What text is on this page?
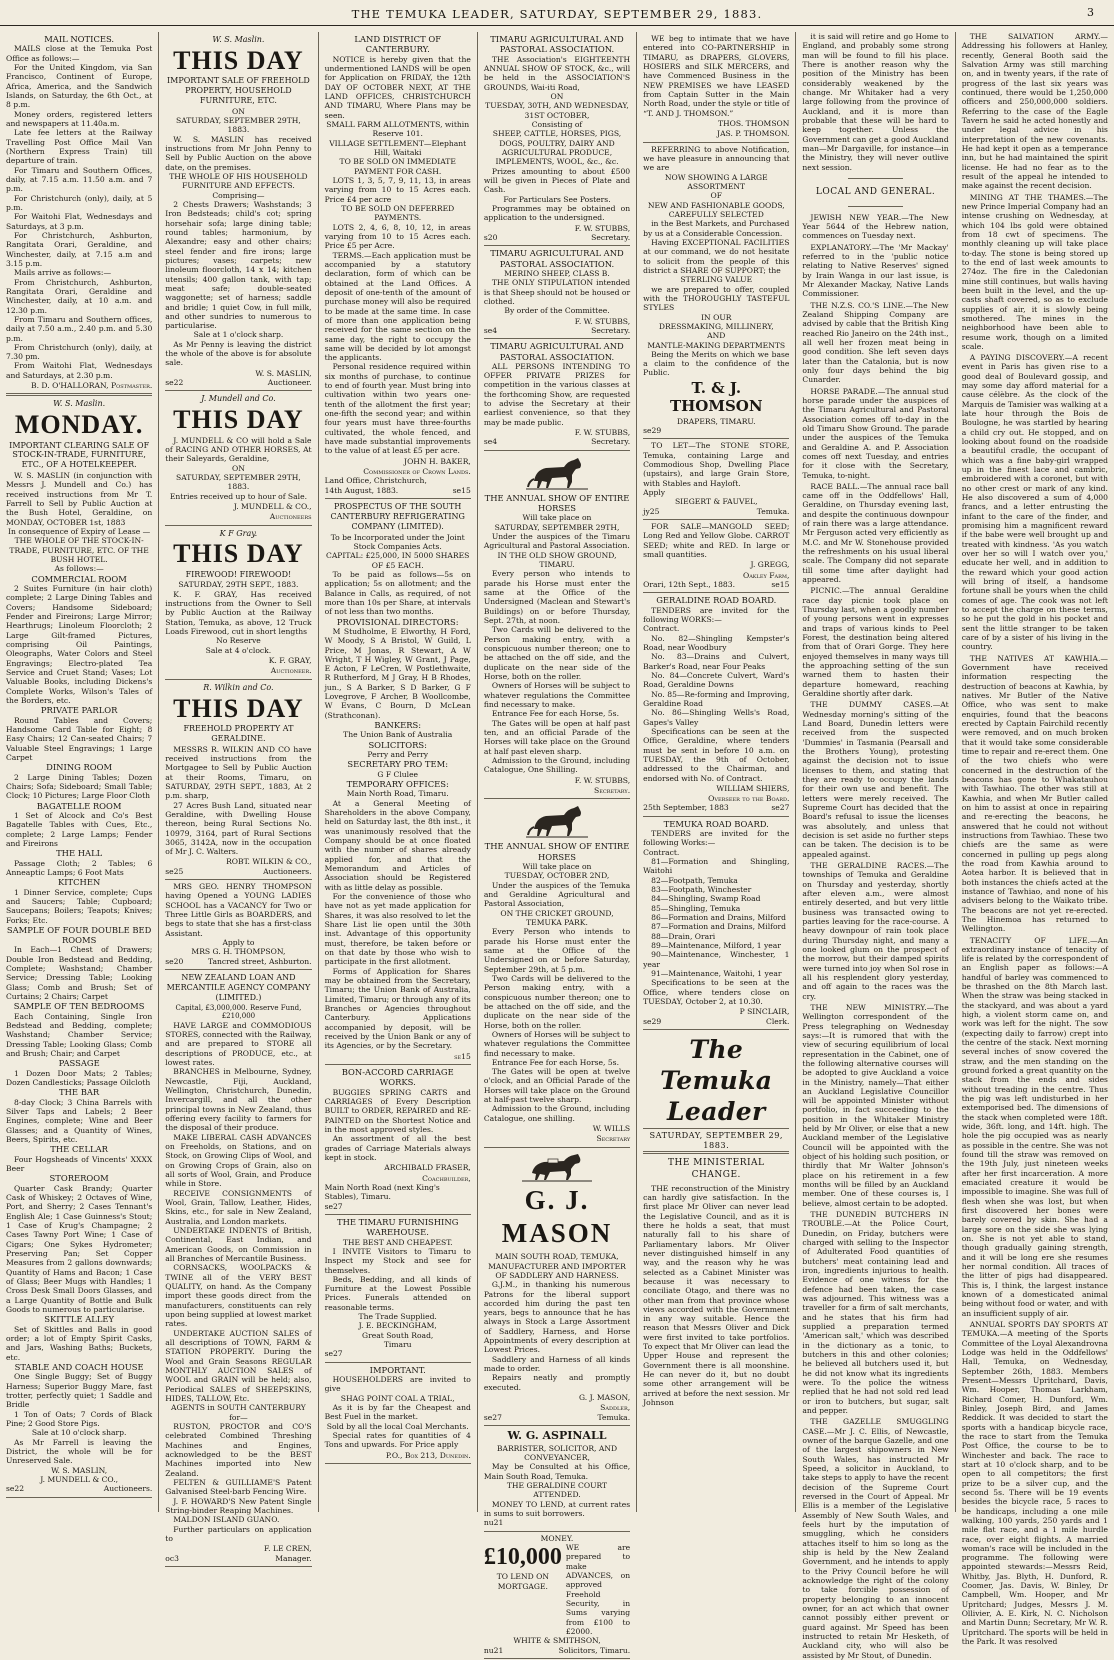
THE TEMUKA LEADER, SATURDAY, SEPTEMBER 29, 1883.	3
MAIL NOTICES.
MAILS close at the Temuka Post Office as follows:—
For the United Kingdom, via San Francisco, Continent of Europe, Africa, America, and the Sandwich Islands, on Saturday, the 6th Oct., at 8 p.m.
Money orders, registered letters and newspapers at 11.40a.m.
Late fee letters at the Railway Travelling Post Office Mail Van (Northern Express Train) till departure of train.
For Timaru and Southern Offices, daily, at 7.15 a.m. 11.50 a.m. and 7 p.m.
For Christchurch (only), daily, at 5 p.m.
For Waitohi Flat, Wednesdays and Saturdays, at 3 p.m.
For Christchurch, Ashburton, Rangitata Orari, Geraldine, and Winchester, daily, at 7.15 a.m and 3.15 p.m.
Mails arrive as follows:—
From Christchurch, Ashburton, Rangitata Orari, Geraldine and Winchester, daily, at 10 a.m. and 12.30 p.m.
From Timaru and Southern offices, daily at 7.50 a.m., 2.40 p.m. and 5.30 p.m.
From Christchurch (only), daily, at 7.30 pm.
From Waitohi Flat, Wednesdays and Saturdays, at 2.30 p.m.
B. D. O'HALLORAN, Postmaster.
W. S. Maslin.
MONDAY.
IMPORTANT CLEARING SALE OF STOCK-IN-TRADE, FURNITURE, ETC., OF A HOTELKEEPER.
W. S. MASLIN (in conjunction with Messrs J. Mundell and Co.) has received instructions from Mr T. Farrell to Sell by Public Auction at the Bush Hotel, Geraldine, on MONDAY, OCTOBER 1st, 1883
In consequence of Expiry of Lease —
THE WHOLE OF THE STOCK-IN-TRADE, FURNITURE, ETC. OF THE BUSH HOTEL.
As follows:—
COMMERCIAL ROOM
2 Suites Furniture (in hair cloth) complete; 2 Large Dining Tables and Covers; Handsome Sideboard; Fender and Fireirons; Large Mirror; Hearthrugs; Linoleum Floorcloth; 2 Large Gilt-framed Pictures, comprising Oil Paintings, Oleographs, Water Colors and Steel Engravings; Electro-plated Tea Service and Cruet Stand; Vases; Lot Valuable Books, including Dickens's Complete Works, Wilson's Tales of the Borders, etc.
PRIVATE PARLOR
Round Tables and Covers; Handsome Card Table for Eight; 8 Easy Chairs; 12 Can-seated Chairs; 7 Valuable Steel Engravings; 1 Large Carpet
DINING ROOM
2 Large Dining Tables; Dozen Chairs; Sofa; Sideboard; Small Table; Clock; 10 Pictures; Large Floor Cloth
BAGATELLE ROOM
1 Set of Alcock and Co's Best Bagatelle Tables with Cues, Etc., complete; 2 Large Lamps; Fender and Fireirons
THE HALL
Passage Cloth; 2 Tables; 6 Anneaptic Lamps; 6 Foot Mats
KITCHEN
1 Dinner Service, complete; Cups and Saucers; Table; Cupboard; Saucepans; Boilers; Teapots; Knives; Forks; Etc.
SAMPLE OF FOUR DOUBLE BED ROOMS
In Each—1 Chest of Drawers; Double Iron Bedstead and Bedding, Complete; Washstand; Chamber Service; Dressing Table; Looking Glass; Comb and Brush; Set of Curtains; 2 Chairs; Carpet
SAMPLE OF TEN BEDROOMS
Each Containing, Single Iron Bedstead and Bedding, complete; Washstand; Chamber Service; Dressing Table; Looking Glass; Comb and Brush; Chair; and Carpet
PASSAGE
1 Dozen Door Mats; 2 Tables; Dozen Candlesticks; Passage Oilcloth
THE BAR
8-day Clock; 3 China Barrels with Silver Taps and Labels; 2 Beer Engines, complete; Wine and Beer Glasses; and a Quantity of Wines, Beers, Spirits, etc.
THE CELLAR
Four Hogsheads of Vincents' XXXX Beer
STOREROOM
Quarter Cask Brandy; Quarter Cask of Whiskey; 2 Octaves of Wine, Port, and Sherry; 2 Cases Tennant's English Ale; 1 Case Guinness's Stout; 1 Case of Krug's Champagne; 2 Cases Tawny Port Wine; 1 Case of Cigars; One Sykes Hydrometer; Preserving Pan; Set Copper Measures from 2 gallons downwards; Quantity of Hams and Bacon; 1 Case of Glass; Beer Mugs with Handles; 1 Cross Desk Small Doors Glasses, and a Large Quantity of Bottle and Bulk Goods to numerous to particularise.
SKITTLE ALLEY
Set of Skittles and Balls in good order; a lot of Empty Spirit Casks, and Jars, Washing Baths; Buckets, etc.
STABLE AND COACH HOUSE
One Single Buggy; Set of Buggy Harness; Superior Buggy Mare, fast trotter, perfectly quiet; 1 Saddle and Bridle
1 Ton of Oats; 7 Cords of Black Pine; 2 Good Store Pigs.
Sale at 10 o'clock sharp.
As Mr Farrell is leaving the District, the whole will be for Unreserved Sale.
W. S. MASLIN,
J. MUNDELL & CO.,
se22	Auctioneers.
W. S. Maslin.
THIS DAY
IMPORTANT SALE OF FREEHOLD PROPERTY, HOUSEHOLD FURNITURE, ETC.
ON
SATURDAY, SEPTEMBER 29TH, 1883.
W. S. MASLIN has received instructions from Mr John Penny to Sell by Public Auction on the above date, on the premises.
THE WHOLE OF HIS HOUSEHOLD FURNITURE AND EFFECTS.
Comprising—
2 Chests Drawers; Washstands; 3 Iron Bedsteads; child's cot; spring horsehair sofa; large dining table; round tables; harmonium, by Alexandre; easy and other chairs; steel fender and fire irons; large pictures; vases; carpets; new linoleum floorcloth, 14 x 14; kitchen utensils; 400 gallon tank, with tap; meat safe; double-seated waggonette; set of harness; saddle and bridle; 1 quiet Cow, in full milk, and other sundries to numerous to particularise.
Sale at 1 o'clock sharp.
As Mr Penny is leaving the district the whole of the above is for absolute sale.
W. S. MASLIN,
se22	Auctioneer.
J. Mundell and Co.
THIS DAY
J. MUNDELL & CO will hold a Sale of RACING AND OTHER HORSES, At their Saleyards, Geraldine,
ON
SATURDAY, SEPTEMBER 29TH, 1883.
Entries received up to hour of Sale.
J. MUNDELL & CO.,
Auctioneers
K F Gray.
THIS DAY
FIREWOOD! FIREWOOD!
SATURDAY, 29TH SEPT., 1883.
K. F. GRAY, Has received instructions from the Owner to Sell by Public Auction at the Railway Station, Temuka, as above, 12 Truck Loads Firewood, cut in short lengths
No Reserve
Sale at 4 o'clock.
K. F. GRAY,
Auctioneer.
R. Wilkin and Co.
THIS DAY
FREEHOLD PROPERTY AT GERALDINE.
MESSRS R. WILKIN AND CO have received instructions from the Mortgagee to Sell by Public Auction at their Rooms, Timaru, on SATURDAY, 29TH SEPT., 1883, At 2 p.m. sharp,
27 Acres Bush Land, situated near Geraldine, with Dwelling House thereon, being Rural Sections No. 10979, 3164, part of Rural Sections 3065, 3142A, now in the occupation of Mr J. C. Walters.
ROBT. WILKIN & CO.,
se25	Auctioneers.
MRS GEO. HENRY THOMPSON having Opened a YOUNG LADIES SCHOOL has a VACANCY for Two or Three Little Girls as BOARDERS, and begs to state that she has a first-class Assistant.
Apply to
MRS G. H. THOMPSON,
se20	Tancred street, Ashburton.
NEW ZEALAND LOAN AND MERCANTILE AGENCY COMPANY (LIMITED.)
Capital, £3,000,000. Reserve Fund, £210,000
HAVE LARGE and COMMODIOUS STORES, connected with the Railway, and are prepared to STORE all descriptions of PRODUCE, etc., at lowest rates.
BRANCHES in Melbourne, Sydney, Newcastle, Fiji, Auckland, Wellington, Christchurch, Dunedin, Invercargill, and all the other principal towns in New Zealand, thus offering every facility to farmers for the disposal of their produce.
MAKE LIBERAL CASH ADVANCES on Freeholds, on Stations, and on Stock, on Growing Clips of Wool, and on Growing Crops of Grain, also on all sorts of Wool, Grain, and Produce while in Store.
RECEIVE CONSIGNMENTS of Wool, Grain, Tallow, Leather, Hides, Skins, etc., for sale in New Zealand, Australia, and London markets.
UNDERTAKE INDENTS of British, Continental, East Indian, and American Goods, on Commission in all Branches of Mercantile Business.
CORNSACKS, WOOLPACKS & TWINE all of the VERY BEST QUALITY, on hand. As the Company import these goods direct from the manufacturers, constituents can rely upon being supplied at lowest market rates.
UNDERTAKE AUCTION SALES of all descriptions of TOWN, FARM & STATION PROPERTY. During the Wool and Grain Seasons REGULAR MONTHLY AUCTION SALES of WOOL and GRAIN will be held; also, Periodical SALES of SHEEPSKINS, HIDES, TALLOW, Etc.
AGENTS in SOUTH CANTERBURY for—
RUSTON, PROCTOR and CO'S celebrated Combined Threshing Machines and Engines, acknowledged to be the BEST Machines imported into New Zealand.
FELTEN & GUILLIAME'S Patent Galvanised Steel-barb Fencing Wire.
J. F. HOWARD'S New Patent Single String-binder Reaping Machines.
MALDON ISLAND GUANO.
Further particulars on application to
F. LE CREN,
oc3	Manager.
LAND DISTRICT OF CANTERBURY.
NOTICE is hereby given that the undermentioned LANDS will be open for Application on FRIDAY, the 12th DAY OF OCTOBER NEXT, AT THE LAND OFFICES, CHRISTCHURCH AND TIMARU, Where Plans may be seen.
SMALL FARM ALLOTMENTS, within Reserve 101.
VILLAGE SETTLEMENT—Elephant Hill, Waitaki
TO BE SOLD ON IMMEDIATE PAYMENT FOR CASH.
LOTS 1, 3, 5, 7, 9, 11, 13, in areas varying from 10 to 15 Acres each. Price £4 per acre
TO BE SOLD ON DEFERRED PAYMENTS.
LOTS 2, 4, 6, 8, 10, 12, in areas varying from 10 to 15 Acres each. Price £5 per Acre.
TERMS.—Each application must be accompanied by a statutory declaration, form of which can be obtained at the Land Offices. A deposit of one-tenth of the amount of purchase money will also be required to be made at the same time. In case of more than one application being received for the same section on the same day, the right to occupy the same will be decided by lot amongst the applicants.
Personal residence required within six months of purchase, to continue to end of fourth year. Must bring into cultivation within two years one-tenth of the allotment the first year; one-fifth the second year; and within four years must have three-fourths cultivated, the whole fenced, and have made substantial improvements to the value of at least £5 per acre.
JOHN H. BAKER,
Commissioner of Crown Lands.
Land Office, Christchurch,
14th August, 1883.	se15
PROSPECTUS OF THE SOUTH CANTERBURY REFRIGERATING COMPANY (LIMITED).
To be Incorporated under the Joint Stock Companies Acts.
CAPITAL: £25,000, IN 5000 SHARES OF £5 EACH.
To be paid as follows—5s on application; 5s on allotment; and the Balance in Calls, as required, of not more than 10s per Share, at intervals of not less than two months.
PROVISIONAL DIRECTORS:
M Studholme, E Elworthy, H Ford, W Moody, S A Bristol, W Guild, L Price, M Jonas, R Stewart, A W Wright, T H Wigley, W Grant, J Page, E Acton, F LeCren, W Postlethwaite, R Rutherford, M J Gray, H B Rhodes, jun., S A Barker, S D Barker, G F Lovegrove, F Archer, B Woollcombe, W Evans, C Bourn, D McLean (Strathconan).
BANKERS:
The Union Bank of Australia
SOLICITORS:
Perry and Perry
SECRETARY PRO TEM:
G F Clulee
TEMPORARY OFFICES:
Main North Road, Timaru.
At a General Meeting of Shareholders in the above Company, held on Saturday last, the 8th inst., it was unanimously resolved that the Company should be at once floated with the number of shares already applied for, and that the Memorandum and Articles of Association should be Registered with as little delay as possible.
For the convenience of those who have not as yet made application for Shares, it was also resolved to let the Share List lie open until the 30th inst. Advantage of this opportunity must, therefore, be taken before or on that date by those who wish to participate in the first allotment.
Forms of Application for Shares may be obtained from the Secretary, Timaru; the Union Bank of Australia, Limited, Timaru; or through any of its Branches or Agencies throughout Canterbury. Applications accompanied by deposit, will be received by the Union Bank or any of its Agencies, or by the Secretary.
se15
BON-ACCORD CARRIAGE WORKS.
BUGGIES SPRING CARTS and CARRIAGES of Every Description BUILT to ORDER, REPAIRED and RE-PAINTED on the Shortest Notice and in the most approved styles.
An assortment of all the best grades of Carriage Materials always kept in stock.
ARCHIBALD FRASER,
Coachbuilder,
Main North Road (next King's Stables), Timaru.
se27
THE TIMARU FURNISHING WAREHOUSE.
THE BEST AND CHEAPEST.
I INVITE Visitors to Timaru to Inspect my Stock and see for themselves.
Beds, Bedding, and all kinds of Furniture at the Lowest Possible Prices. Funerals attended on reasonable terms.
The Trade Supplied.
J. E. BECKINGHAM,
Great South Road,
Timaru
se27
IMPORTANT.
HOUSEHOLDERS are invited to give
SHAG POINT COAL A TRIAL,
As it is by far the Cheapest and Best Fuel in the market.
Sold by all the local Coal Merchants.
Special rates for quantities of 4 Tons and upwards. For Price apply
P.O., Box 213, Dunedin.
TIMARU AGRICULTURAL AND PASTORAL ASSOCIATION.
THE Association's EIGHTEENTH ANNUAL SHOW OF STOCK, &c., will be held in the ASSOCIATION'S GROUNDS, Wai-iti Road,
ON
TUESDAY, 30TH, AND WEDNESDAY, 31ST OCTOBER,
Consisting of
SHEEP, CATTLE, HORSES, PIGS, DOGS, POULTRY, DAIRY AND AGRICULTURAL PRODUCE, IMPLEMENTS, WOOL, &c., &c.
Prizes amounting to about £500 will be given in Pieces of Plate and Cash.
For Particulars See Posters.
Programmes may be obtained on application to the undersigned.
F. W. STUBBS,
s20	Secretary.
TIMARU AGRICULTURAL AND PASTORAL ASSOCIATION.
MERINO SHEEP, CLASS B.
THE ONLY STIPULATION intended is that Sheep should not be housed or clothed.
By order of the Committee.
F. W. STUBBS,
se4	Secretary.
TIMARU AGRICULTURAL AND PASTORAL ASSOCIATION.
ALL PERSONS INTENDING TO OFFER PRIVATE PRIZES for competition in the various classes at the forthcoming Show, are requested to advise the Secretary at their earliest convenience, so that they may be made public.
F. W. STUBBS,
se4	Secretary.
THE ANNUAL SHOW OF ENTIRE HORSES
Will take place on
SATURDAY, SEPTEMBER 29TH,
Under the auspices of the Timaru Agricultural and Pastoral Association.
IN THE OLD SHOW GROUND, TIMARU.
Every person who intends to parade his Horse must enter the same at the Office of the Undersigned (Maclean and Stewart's Buildings) on or before Thursday, Sept. 27th, at noon.
Two Cards will be delivered to the Person making entry, with a conspicuous number thereon; one to be attached on the off side, and the duplicate on the near side of the Horse, both on the roller.
Owners of Horses will be subject to whatever regulations the Committee find necessary to make.
Entrance Fee for each Horse, 5s.
The Gates will be open at half past ten, and an official Parade of the Horses will take place on the Ground at half past eleven sharp.
Admission to the Ground, including Catalogue, One Shilling.
F. W. STUBBS,
Secretary.
THE ANNUAL SHOW OF ENTIRE HORSES
Will take place on
TUESDAY, OCTOBER 2ND,
Under the auspices of the Temuka and Geraldine Agricultural and Pastoral Association,
ON THE CRICKET GROUND, TEMUKA PARK.
Every Person who intends to parade his Horse must enter the same at the Office of the Undersigned on or before Saturday, September 29th, at 5 p.m.
Two Cards will be delivered to the Person making entry, with a conspicuous number thereon; one to be attached on the off side, and the duplicate on the near side of the Horse, both on the roller.
Owners of Horses will be subject to whatever regulations the Committee find necessary to make.
Entrance Fee for each Horse, 5s.
The Gates will be open at twelve o'clock, and an Official Parade of the Horses will take place on the Ground at half-past twelve sharp.
Admission to the Ground, including Catalogue, one shilling.
W. WILLS
Secretary
G. J. MASON
MAIN SOUTH ROAD, TEMUKA,
MANUFACTURER AND IMPORTER OF SADDLERY AND HARNESS.
G.J.M., in thanking his numerous Patrons for the liberal support accorded him during the past ten years, begs to announce that he has always in Stock a Large Assortment of Saddlery, Harness, and Horse Appointments of every description at Lowest Prices.
Saddlery and Harness of all kinds made to order.
Repairs neatly and promptly executed.
G. J. MASON,
Saddler,
se27	Temuka.
W. G. ASPINALL
BARRISTER, SOLICITOR, AND CONVEYANCER,
May be Consulted at his Office, Main South Road, Temuka.
THE GERALDINE COURT ATTENDED.
MONEY TO LEND, at current rates in sums to suit borrowers.
nu21
MONEY.
£10,000
TO LEND ON MORTGAGE.
WE are prepared to make ADVANCES, on approved Freehold Security, in Sums varying from £100 to £2000.
WHITE & SMITHSON,
nu21	Solicitors, Timaru.
WE beg to intimate that we have entered into CO-PARTNERSHIP in TIMARU, as DRAPERS, GLOVERS, HOSIERS and SILK MERCERS, and have Commenced Business in the NEW PREMISES we have LEASED from Captain Sutter in the Main North Road, under the style or title of “T. AND J. THOMSON.”
THOS. THOMSON
JAS. P. THOMSON.
REFERRING to above Notification, we have pleasure in announcing that we are
NOW SHOWING A LARGE ASSORTMENT
OF
NEW AND FASHIONABLE GOODS, CAREFULLY SELECTED
in the Best Markets, and Purchased by us at a Considerable Concession.
Having EXCEPTIONAL FACILITIES at our command, we do not hesitate to solicit from the people of this district a SHARE OF SUPPORT; the
STERLING VALUE
we are prepared to offer, coupled with the THOROUGHLY TASTEFUL STYLES
IN OUR
DRESSMAKING, MILLINERY,
AND
MANTLE-MAKING DEPARTMENTS
Being the Merits on which we base a claim to the confidence of the Public.
T. & J. THOMSON
DRAPERS, TIMARU.
se29
TO LET—The STONE STORE, Temuka, containing Large and Commodious Shop, Dwelling Place (upstairs), and large Grain Store, with Stables and Hayloft.
Apply
SIEGERT & FAUVEL,
jy25	Temuka.
FOR SALE—MANGOLD SEED; Long Red and Yellow Globe. CARROT SEED; white and RED. In large or small quantities.
J. GREGG,
Oakley Farm,
Orari, 12th Sept., 1883.	se15
GERALDINE ROAD BOARD.
TENDERS are invited for the following WORKS:—
Contract.
No. 82—Shingling Kempster's Road, near Woodbury
No. 83—Drains and Culvert, Barker's Road, near Four Peaks
No. 84—Concrete Culvert, Ward's Road, Geraldine Downs
No. 85—Re-forming and Improving, Geraldine Road
No. 86—Shingling Wells's Road, Gapes's Valley
Specifications can be seen at the Office, Geraldine, where tenders must be sent in before 10 a.m. on TUESDAY, the 9th of October, addressed to the Chairman, and endorsed with No. of Contract.
WILLIAM SHIERS,
Overseer to the Board.
25th September, 1883	se27
TEMUKA ROAD BOARD.
TENDERS are invited for the following Works:—
Contract.
81—Formation and Shingling, Waitohi
82—Footpath, Temuka
83—Footpath, Winchester
84—Shingling, Swamp Road
85—Shingling, Temuka
86—Formation and Drains, Milford
87—Formation and Drains, Milford
88—Drain, Orari
89—Maintenance, Milford, 1 year
90—Maintenance, Winchester, 1 year
91—Maintenance, Waitohi, 1 year
Specifications to be seen at the Office, where tenders close on TUESDAY, October 2, at 10.30.
P SINCLAIR,
se29	Clerk.
The Temuka Leader
SATURDAY, SEPTEMBER 29, 1883.
THE MINISTERIAL CHANGE.
THE reconstruction of the Ministry can hardly give satisfaction. In the first place Mr Oliver can never lead the Legislative Council, and as it is there he holds a seat, that must naturally fall to his share of Parliamentary labors. Mr Oliver never distinguished himself in any way, and the reason why he was selected as a Cabinet Minister was because it was necessary to conciliate Otago, and there was no other man from that province whose views accorded with the Government in any way suitable. Hence the reason that Messrs Oliver and Dick were first invited to take portfolios. To expect that Mr Oliver can lead the Upper House and represent the Government there is all moonshine. He can never do it, but no doubt some other arrangement will be arrived at before the next session. Mr Johnson
it is said will retire and go Home to England, and probably some strong man will be found to fill his place. There is another reason why the position of the Ministry has been considerably weakened by the change. Mr Whitaker had a very large following from the province of Auckland, and it is more than probable that these will be hard to keep together. Unless the Government can get a good Auckland man—Mr Dargaville, for instance—in the Ministry, they will never outlive next session.
LOCAL AND GENERAL.
JEWISH NEW YEAR.—The New Year 5644 of the Hebrew nation, commences on Tuesday next.
EXPLANATORY.—The 'Mr Mackay' referred to in the 'public notice relating to Native Reserves' signed by Irain Wanga in our last issue, is Mr Alexander Mackay, Native Lands Commissioner.
THE N.Z.S. CO.'S LINE.—The New Zealand Shipping Company are advised by cable that the British King reached Rio Janeiro on the 24th inst., all well her frozen meat being in good condition. She left seven days later than the Catalonia, but is now only four days behind the big Cunarder.
HORSE PARADE.—The annual stud horse parade under the auspices of the Timaru Agricultural and Pastoral Association comes off to-day in the old Timaru Show Ground. The parade under the auspices of the Temuka and Geraldine A. and P. Association comes off next Tuesday, and entries for it close with the Secretary, Temuka, to-night.
RACE BALL.—The annual race ball came off in the Oddfellows' Hall, Geraldine, on Thursday evening last, and despite the continuous downpour of rain there was a large attendance. Mr Ferguson acted very efficiently as M.C. and Mr W. Stonehouse provided the refreshments on his usual liberal scale. The Company did not separate till some time after daylight had appeared.
PICNIC.—The annual Geraldine race day picnic took place on Thursday last, when a goodly number of young persons went in expresses and traps of various kinds to Peel Forest, the destination being altered from that of Orari Gorge. They here enjoyed themselves in many ways till the approaching setting of the sun warned them to hasten their departure homeward, reaching Geraldine shortly after dark.
THE DUMMY CASES.—At Wednesday morning's sitting of the Land Board, Dunedin letters were received from the suspected 'Dummies' in Tasmania (Pearsall and the Brothers Young), protesting against the decision not to issue licenses to them, and stating that they are ready to occupy the lands for their own use and benefit. The letters were merely received. The Supreme Court has decided that the Board's refusal to issue the licenses was absolutely, and unless that decision is set aside no further steps can be taken. The decision is to be appealed against.
THE GERALDINE RACES.—The townships of Temuka and Geraldine on Thursday and yesterday, shortly after eleven a.m., were almost entirely deserted, and but very little business was transacted owing to parties leaving for the race-course. A heavy downpour of rain took place during Thursday night, and many a one looked glum on the prospect of the morrow, but their damped spirits were turned into joy when Sol rose in all his resplendent glory yesterday, and off again to the races was the cry.
THE NEW MINISTRY.—The Wellington correspondent of the Press telegraphing on Wednesday says:—It is rumored that with the view of securing equilibrium of local representation in the Cabinet, one of the following alternative courses will be adopted to give Auckland a voice in the Ministry, namely—That either an Auckland Legislative Councillor will be appointed Minister without portfolio, in fact succeeding to the position in the Whitaker Ministry held by Mr Oliver, or else that a new Auckland member of the Legislative Council will be appointed with the object of his holding such position, or thirdly that Mr Walter Johnson's place on his retirement in a few months will be filled by an Auckland member. One of these courses is, I believe, almost certain to be adopted.
THE DUNEDIN BUTCHERS IN TROUBLE.—At the Police Court, Dunedin, on Friday, butchers were charged with selling to the Inspector of Adulterated Food quantities of butchers' meat containing lead and iron, ingredients injurious to health. Evidence of one witness for the defence had been taken, the case was adjourned. This witness was a traveller for a firm of salt merchants, and he states that his firm had supplied a preparation termed 'American salt,' which was described in the dictionary as a tonic, to butchers in this and other colonies; he believed all butchers used it, but he did not know what its ingredients were. To the police the witness replied that he had not sold red lead or iron to butchers, but sugar, salt and pepper.
THE GAZELLE SMUGGLING CASE.—Mr J. C. Ellis, of Newcastle, owner of the barque Gazelle, and one of the largest shipowners in New South Wales, has instructed Mr Speed, a solicitor in Auckland, to take steps to apply to have the recent decision of the Supreme Court reversed in the Court of Appeal. Mr Ellis is a member of the Legislative Assembly of New South Wales, and feels hurt by the imputation of smuggling, which he considers attaches itself to him so long as the ship is held by the New Zealand Government, and he intends to apply to the Privy Council before he will acknowledge the right of the colony to take forcible possession of property belonging to an innocent owner, for an act which that owner cannot possibly either prevent or guard against. Mr Speed has been instructed to retain Mr Hesketh, of Auckland city, who will also be assisted by Mr Stout, of Dunedin.
THE SALVATION ARMY.—Addressing his followers at Hanley, recently, General Booth said the Salvation Army was still marching on, and in twenty years, if the rate of progress of the last six years was continued, there would be 1,250,000 officers and 250,000,000 soldiers. Referring to the case of the Eagle Tavern he said he acted honestly and under legal advice in his interpretation of the new covenants. He had kept it open as a temperance inn, but he had maintained the spirit license. He had no fear as to the result of the appeal he intended to make against the recent decision.
MINING AT THE THAMES.—The new Prince Imperial Company had an intense crushing on Wednesday, at which 104 lbs gold were obtained from 18 cwt of specimens. The monthly cleaning up will take place to-day. The stone is being stored up to the end of last week amounts to 274oz. The fire in the Caledonian mine still continues, but walls having been built in the level, and the up-casts shaft covered, so as to exclude supplies of air, it is slowly being smothered. The mines in the neighborhood have been able to resume work, though on a limited scale.
A PAYING DISCOVERY.—A recent event in Paris has given rise to a good deal of Boulevard gossip, and may some day afford material for a cause célèbre. As the clock of the Marquis de Tamisier was walking at a late hour through the Bois de Boulogne, he was startled by hearing a child cry out. He stopped, and on looking about found on the roadside a beautiful cradle, the occupant of which was a fine baby-girl wrapped up in the finest lace and cambric, embroidered with a coronet, but with no other crest or mark of any kind. He also discovered a sum of 4,000 francs, and a letter entrusting the infant to the care of the finder, and promising him a magnificent reward if the babe were well brought up and treated with kindness. 'As you watch over her so will I watch over you,' educate her well, and in addition to the reward which your good action will bring of itself, a handsome fortune shall be yours when the child comes of age. The cook was not left to accept the charge on these terms, so he put the gold in his pocket and sent the little stranger to be taken care of by a sister of his living in the country.
THE NATIVES AT KAWHIA.—Government have received information respecting the destruction of beacons at Kawhia, by natives. Mr Butler of the Native Office, who was sent to make enquiries, found that the beacons erected by Captain Fairchild recently were removed, and on much broken that it would take some considerable time to repair and re-erect them. One of the two chiefs who were concerned in the destruction of the beacons has gone to Whakatauhou with Tawhiao. The other was still at Kawhia, and when Mr Butler called on him to assist at once in repairing and re-erecting the beacons, he answered that he could not without instructions from Tawhiao. These two chiefs are the same as were concerned in pulling up pegs along the road from Kawhia around to Aotea harbor. It is believed that in both instances the chiefs acted at the instance of Tawhiao, and none of his advisers belong to the Waikato tribe. The beacons are not yet re-erected. The Hinemoa has returned to Wellington.
TENACITY OF LIFE.—An extraordinary instance of tenacity of life is related by the correspondent of an English paper as follows:—A handful of barley was commenced to be thrashed on the 8th March last. When the straw was being stacked in the stackyard, and was about a yard high, a violent storm came on, and work was left for the night. The sow (expecting daily to farrow) crept into the centre of the stack. Next morning several inches of snow covered the straw, and the men standing on the ground forked a great quantity on the stack from the ends and sides without treading in the centre. Thus the pig was left undisturbed in her extemporised bed. The dimensions of the stack when completed were 18ft. wide, 36ft. long, and 14ft. high. The hole the pig occupied was as nearly as possible in the centre. She was not found till the straw was removed on the 19th July, just nineteen weeks after her first incarceration. A more emaciated creature it would be impossible to imagine. She was full of flesh when she was lost, but when first discovered her bones were barely covered by skin. She had a large sore on the side she was lying on. She is not yet able to stand, though gradually gaining strength, and it will be long ere she resumes her normal condition. All traces of the litter of pigs had disappeared. This is, I think, the largest instance known of a domesticated animal being without food or water, and with an insufficient supply of air.
ANNUAL SPORTS DAY SPORTS AT TEMUKA.—A meeting of the Sports Committee of the Loyal Alexandrovna Lodge was held in the Oddfellows' Hall, Temuka, on Wednesday, September 26th, 1883. Members Present—Messrs Upritchard, Davis, Wm. Hooper, Thomas Larkham, Richard Comer, H. Dunford, Wm. Binley, Joseph Bird, and James Reddick. It was decided to start the sports with a handicap bicycle race, the race to start from the Temuka Post Office, the course to be to Winchester and back. The race to start at 10 o'clock sharp, and to be open to all competitors; the first prize to be a silver cup, and the second 5s. There will be 19 events besides the bicycle race, 5 races to be handicaps, including a one mile walking, 100 yards, 250 yards and 1 mile flat race, and a 1 mile hurdle race, over eight flights. A married woman's race will be included in the programme. The following were appointed stewards:—Messrs Reid, Whitby, Jas. Blyth, H. Dunford, R. Coomer, Jas. Davis, W. Binley, Dr Campbell, Wm. Hooper, and Mr Upritchard; Judges, Messrs J. M. Ollivier, A. E. Kirk, N. C. Nicholson and Martin Dunn; Secretary, Mr W. R. Upritchard. The sports will be held in the Park. It was resolved
